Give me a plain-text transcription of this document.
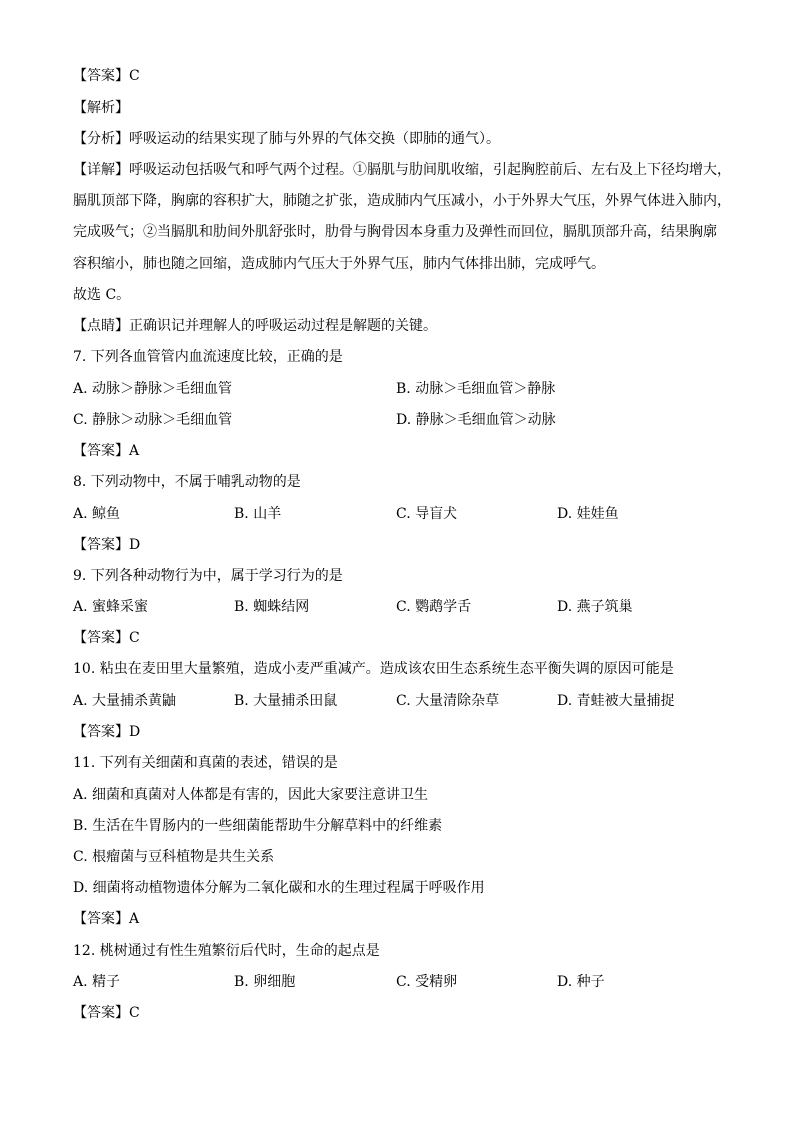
【答案】C
【解析】
【分析】呼吸运动的结果实现了肺与外界的气体交换（即肺的通气）。
【详解】呼吸运动包括吸气和呼气两个过程。①膈肌与肋间肌收缩，引起胸腔前后、左右及上下径均增大，
膈肌顶部下降，胸廓的容积扩大，肺随之扩张，造成肺内气压减小，小于外界大气压，外界气体进入肺内，
完成吸气；②当膈肌和肋间外肌舒张时，肋骨与胸骨因本身重力及弹性而回位，膈肌顶部升高，结果胸廓
容积缩小，肺也随之回缩，造成肺内气压大于外界气压，肺内气体排出肺，完成呼气。
故选 C。
【点睛】正确识记并理解人的呼吸运动过程是解题的关键。
7. 下列各血管管内血流速度比较，正确的是
A. 动脉＞静脉＞毛细血管	B. 动脉＞毛细血管＞静脉
C. 静脉＞动脉＞毛细血管	D. 静脉＞毛细血管＞动脉
【答案】A
8. 下列动物中，不属于哺乳动物的是
A. 鲸鱼	B. 山羊	C. 导盲犬	D. 娃娃鱼
【答案】D
9. 下列各种动物行为中，属于学习行为的是
A. 蜜蜂采蜜	B. 蜘蛛结网	C. 鹦鹉学舌	D. 燕子筑巢
【答案】C
10. 粘虫在麦田里大量繁殖，造成小麦严重减产。造成该农田生态系统生态平衡失调的原因可能是
A. 大量捕杀黄鼬	B. 大量捕杀田鼠	C. 大量清除杂草	D. 青蛙被大量捕捉
【答案】D
11. 下列有关细菌和真菌的表述，错误的是
A. 细菌和真菌对人体都是有害的，因此大家要注意讲卫生
B. 生活在牛胃肠内的一些细菌能帮助牛分解草料中的纤维素
C. 根瘤菌与豆科植物是共生关系
D. 细菌将动植物遗体分解为二氧化碳和水的生理过程属于呼吸作用
【答案】A
12. 桃树通过有性生殖繁衍后代时，生命的起点是
A. 精子	B. 卵细胞	C. 受精卵	D. 种子
【答案】C
